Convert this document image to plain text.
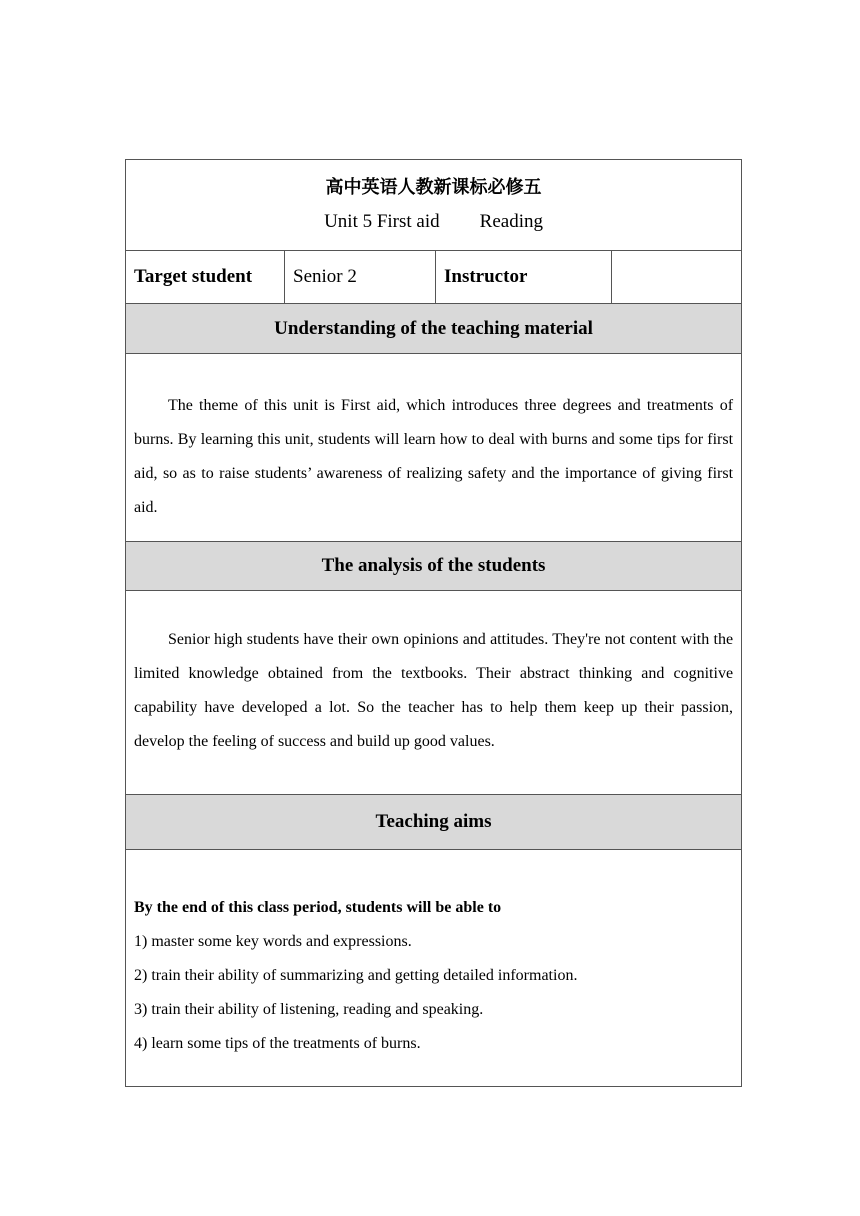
高中英语人教新课标必修五
Unit 5 First aid Reading

Target student	Senior 2	Instructor	
Understanding of the teaching material

The theme of this unit is First aid, which introduces three degrees and treatments of burns. By learning this unit, students will learn how to deal with burns and some tips for first aid, so as to raise students’ awareness of realizing safety and the importance of giving first aid.

The analysis of the students

Senior high students have their own opinions and attitudes. They're not content with the limited knowledge obtained from the textbooks. Their abstract thinking and cognitive capability have developed a lot. So the teacher has to help them keep up their passion, develop the feeling of success and build up good values.

Teaching aims

By the end of this class period, students will be able to

1) master some key words and expressions.

2) train their ability of summarizing and getting detailed information.

3) train their ability of listening, reading and speaking.

4) learn some tips of the treatments of burns.
